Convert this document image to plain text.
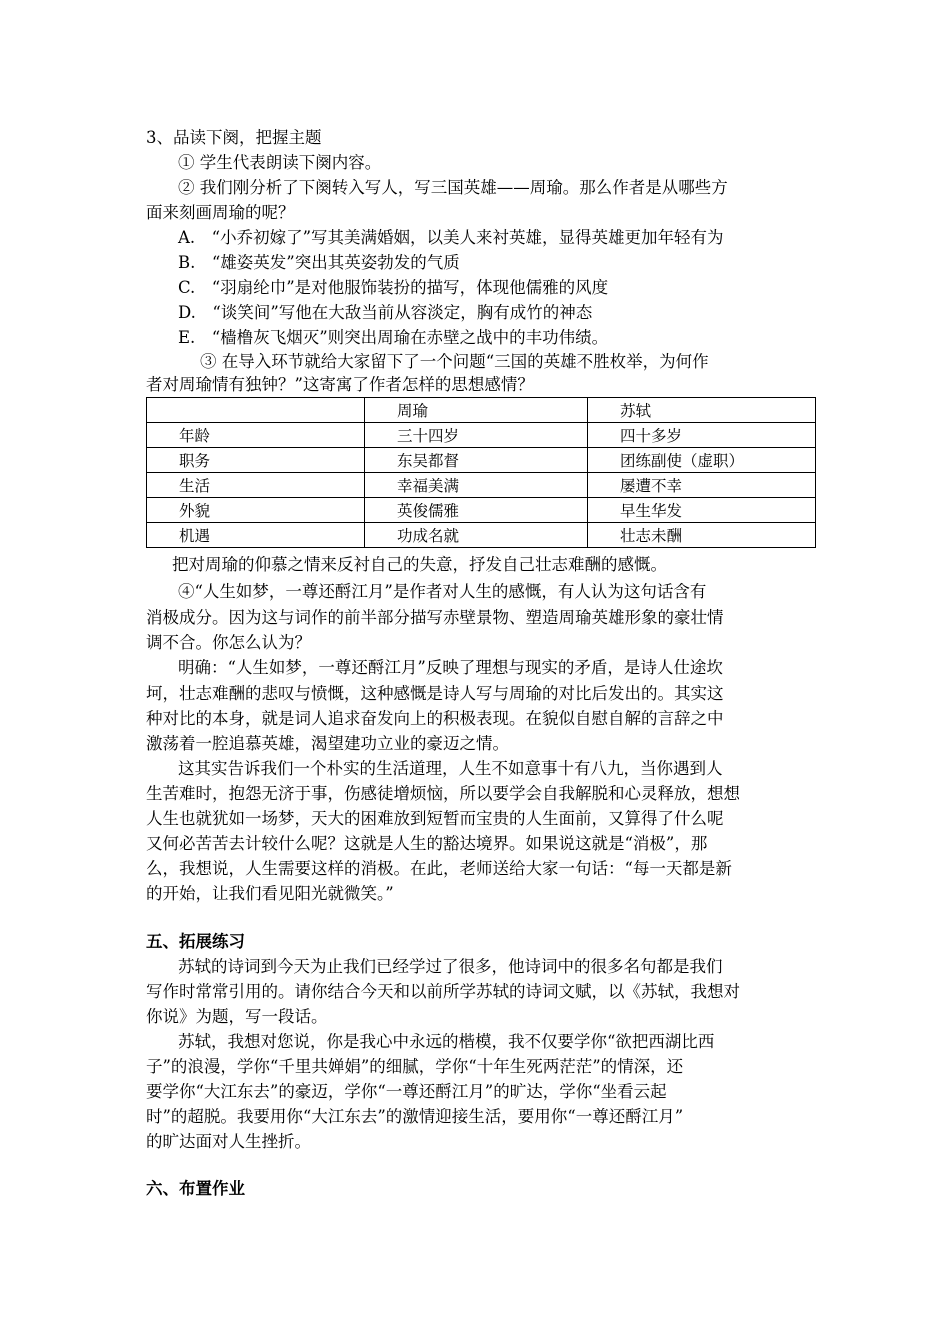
3、品读下阕，把握主题
① 学生代表朗读下阕内容。
② 我们刚分析了下阕转入写人，写三国英雄——周瑜。那么作者是从哪些方
面来刻画周瑜的呢？
A.　“小乔初嫁了”写其美满婚姻，以美人来衬英雄，显得英雄更加年轻有为
B.　“雄姿英发”突出其英姿勃发的气质
C.　“羽扇纶巾”是对他服饰装扮的描写，体现他儒雅的风度
D.　“谈笑间”写他在大敌当前从容淡定，胸有成竹的神态
E.　“樯橹灰飞烟灭”则突出周瑜在赤壁之战中的丰功伟绩。
③ 在导入环节就给大家留下了一个问题“三国的英雄不胜枚举，为何作
者对周瑜情有独钟？”这寄寓了作者怎样的思想感情？
	周瑜	苏轼
年龄	三十四岁	四十多岁
职务	东吴都督	团练副使（虚职）
生活	幸福美满	屡遭不幸
外貌	英俊儒雅	早生华发
机遇	功成名就	壮志未酬
把对周瑜的仰慕之情来反衬自己的失意，抒发自己壮志难酬的感慨。
④“人生如梦，一尊还酹江月”是作者对人生的感慨，有人认为这句话含有
消极成分。因为这与词作的前半部分描写赤壁景物、塑造周瑜英雄形象的豪壮情
调不合。你怎么认为？
明确：“人生如梦，一尊还酹江月”反映了理想与现实的矛盾，是诗人仕途坎
坷，壮志难酬的悲叹与愤慨，这种感慨是诗人写与周瑜的对比后发出的。其实这
种对比的本身，就是词人追求奋发向上的积极表现。在貌似自慰自解的言辞之中
激荡着一腔追慕英雄，渴望建功立业的豪迈之情。
这其实告诉我们一个朴实的生活道理，人生不如意事十有八九，当你遇到人
生苦难时，抱怨无济于事，伤感徒增烦恼，所以要学会自我解脱和心灵释放，想想
人生也就犹如一场梦，天大的困难放到短暂而宝贵的人生面前，又算得了什么呢
又何必苦苦去计较什么呢？这就是人生的豁达境界。如果说这就是“消极”，那
么，我想说，人生需要这样的消极。在此，老师送给大家一句话：“每一天都是新
的开始，让我们看见阳光就微笑。”
五、拓展练习
苏轼的诗词到今天为止我们已经学过了很多，他诗词中的很多名句都是我们
写作时常常引用的。请你结合今天和以前所学苏轼的诗词文赋，以《苏轼，我想对
你说》为题，写一段话。
苏轼，我想对您说，你是我心中永远的楷模，我不仅要学你“欲把西湖比西
子”的浪漫，学你“千里共婵娟”的细腻，学你“十年生死两茫茫”的情深，还
要学你“大江东去”的豪迈，学你“一尊还酹江月”的旷达，学你“坐看云起
时”的超脱。我要用你“大江东去”的激情迎接生活，要用你“一尊还酹江月”
的旷达面对人生挫折。
六、布置作业
